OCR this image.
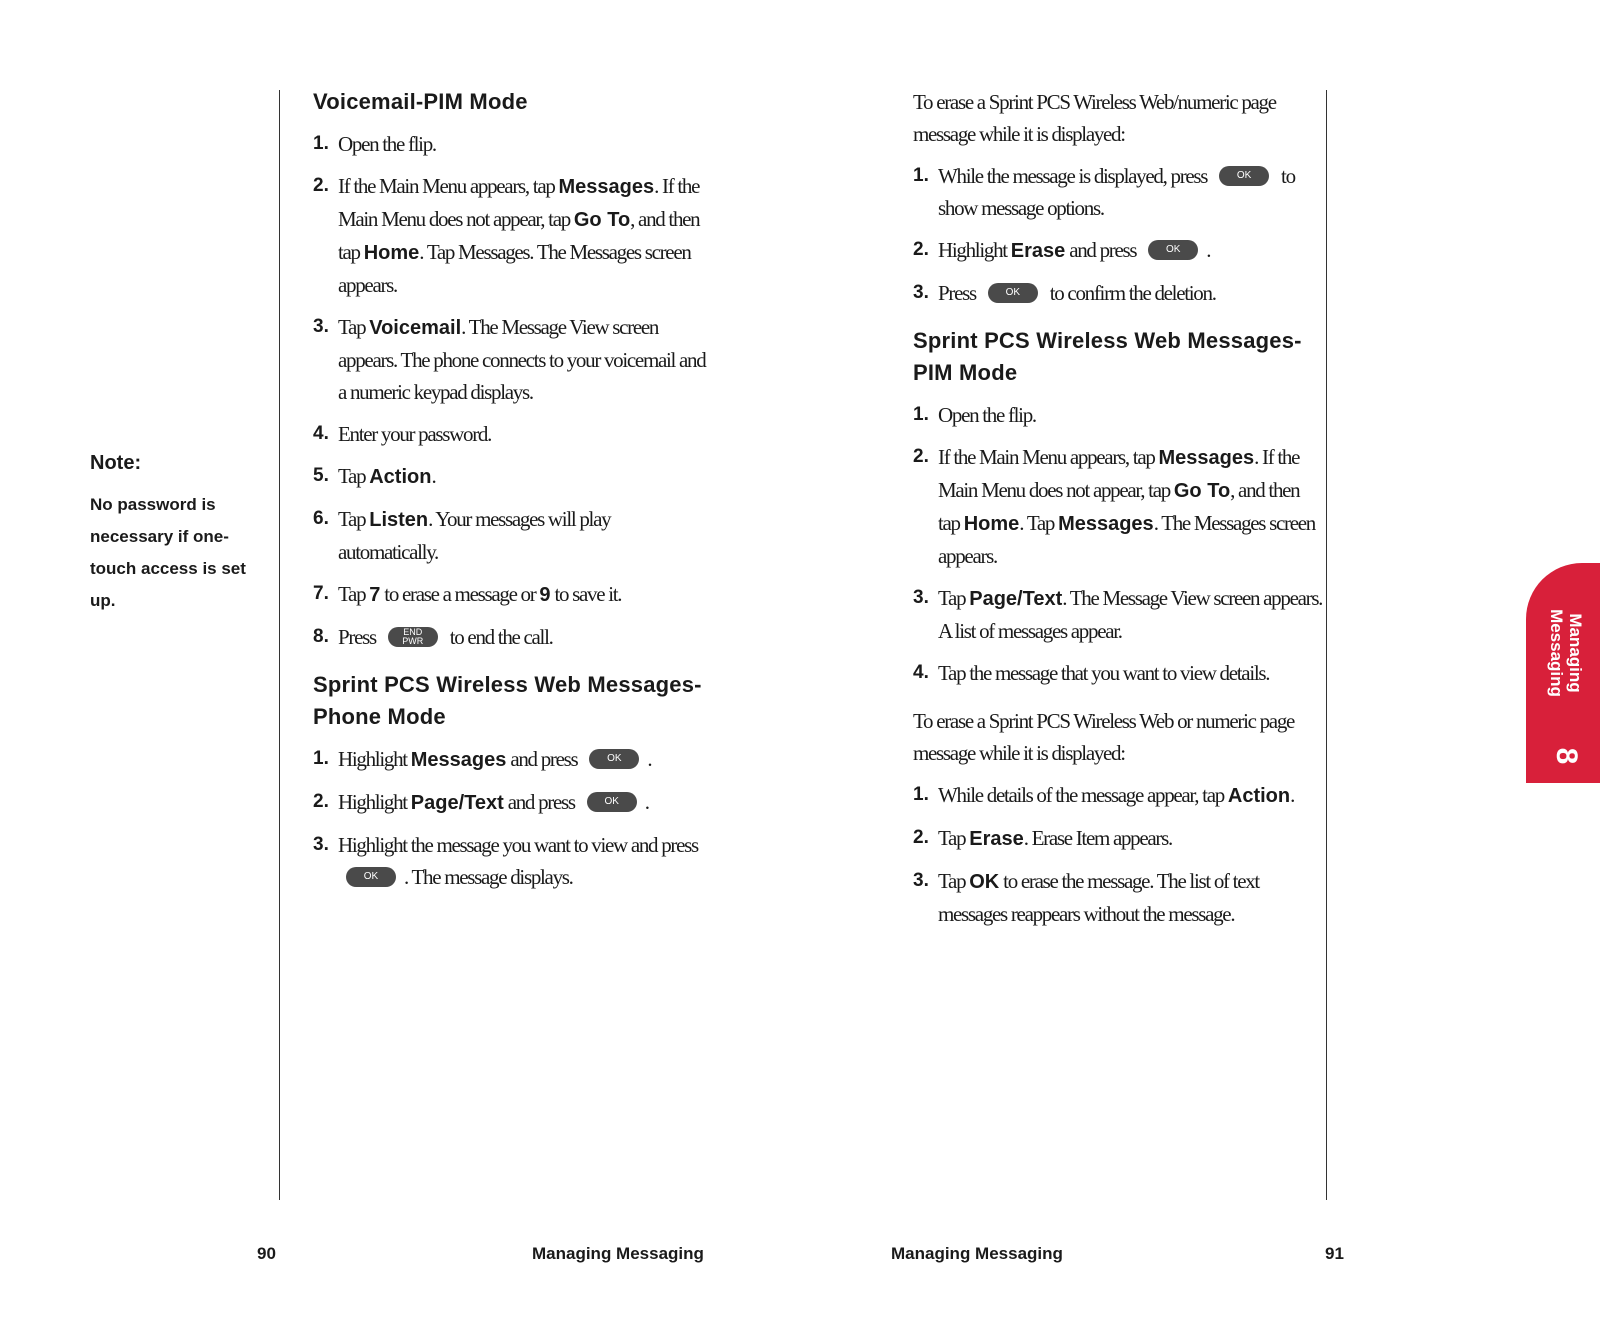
Note:
No password is necessary if one-touch access is set up.
Voicemail-PIM Mode
1. Open the flip.
2. If the Main Menu appears, tap Messages. If the Main Menu does not appear, tap Go To, and then tap Home. Tap Messages. The Messages screen appears.
3. Tap Voicemail. The Message View screen appears. The phone connects to your voicemail and a numeric keypad displays.
4. Enter your password.
5. Tap Action.
6. Tap Listen. Your messages will play automatically.
7. Tap 7 to erase a message or 9 to save it.
8. Press	END
PWR	to end the call.
Sprint PCS Wireless Web Messages-Phone Mode
1. Highlight Messages and press	OK .
2. Highlight Page/Text and press	OK .
3. Highlight the message you want to view and press OK . The message displays.

To erase a Sprint PCS Wireless Web/numeric page message while it is displayed:

1. While the message is displayed, press	OK to show message options.
2. Highlight Erase and press	OK .
3. Press	OK to confirm the deletion.
Sprint PCS Wireless Web Messages-PIM Mode
1. Open the flip.
2. If the Main Menu appears, tap Messages. If the Main Menu does not appear, tap Go To, and then tap Home. Tap Messages. The Messages screen appears.
3. Tap Page/Text. The Message View screen appears. A list of messages appear.
4. Tap the message that you want to view details.

To erase a Sprint PCS Wireless Web or numeric page message while it is displayed:

1. While details of the message appear, tap Action.
2. Tap Erase. Erase Item appears.
3. Tap OK to erase the message. The list of text messages reappears without the message.
90	Managing Messaging	Managing Messaging	91
Managing
Messaging
8
